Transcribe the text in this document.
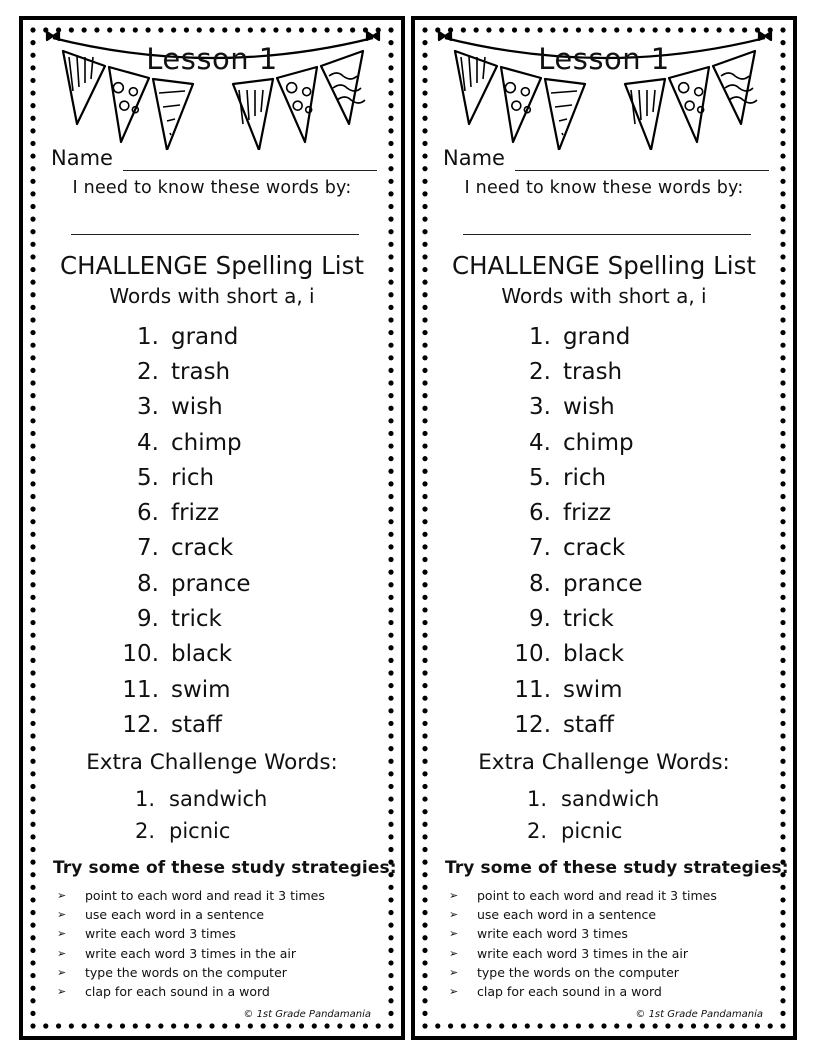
Lesson 1
Name
I need to know these words by:
CHALLENGE Spelling List
Words with short a, i
1. grand
2. trash
3. wish
4. chimp
5. rich
6. frizz
7. crack
8. prance
9. trick
10. black
11. swim
12. staff
Extra Challenge Words:
1. sandwich
2. picnic
Try some of these study strategies:
➢	point to each word and read it 3 times
➢	use each word in a sentence
➢	write each word 3 times
➢	write each word 3 times in the air
➢	type the words on the computer
➢	clap for each sound in a word
© 1st Grade Pandamania
Lesson 1
Name
I need to know these words by:
CHALLENGE Spelling List
Words with short a, i
1. grand
2. trash
3. wish
4. chimp
5. rich
6. frizz
7. crack
8. prance
9. trick
10. black
11. swim
12. staff
Extra Challenge Words:
1. sandwich
2. picnic
Try some of these study strategies:
➢	point to each word and read it 3 times
➢	use each word in a sentence
➢	write each word 3 times
➢	write each word 3 times in the air
➢	type the words on the computer
➢	clap for each sound in a word
© 1st Grade Pandamania
